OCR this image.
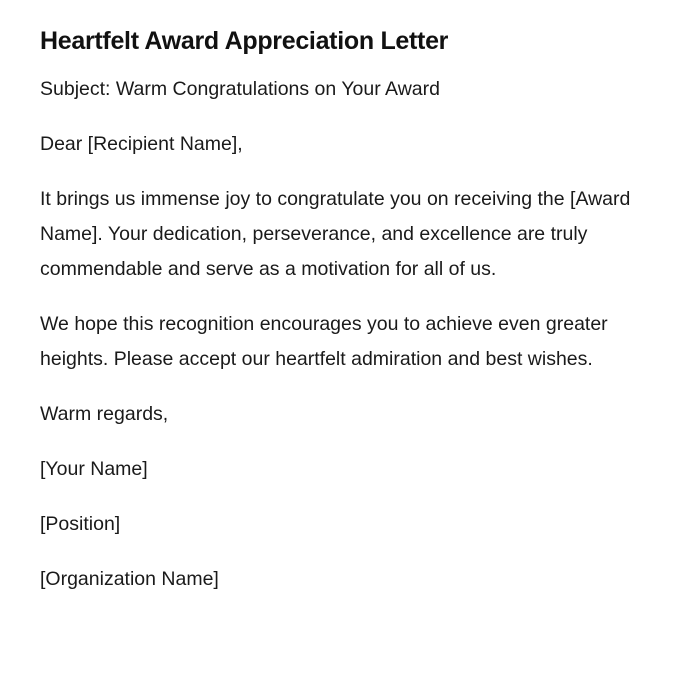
Heartfelt Award Appreciation Letter

Subject: Warm Congratulations on Your Award

Dear [Recipient Name],

It brings us immense joy to congratulate you on receiving the [Award Name]. Your dedication, perseverance, and excellence are truly commendable and serve as a motivation for all of us.

We hope this recognition encourages you to achieve even greater heights. Please accept our heartfelt admiration and best wishes.

Warm regards,

[Your Name]

[Position]

[Organization Name]
